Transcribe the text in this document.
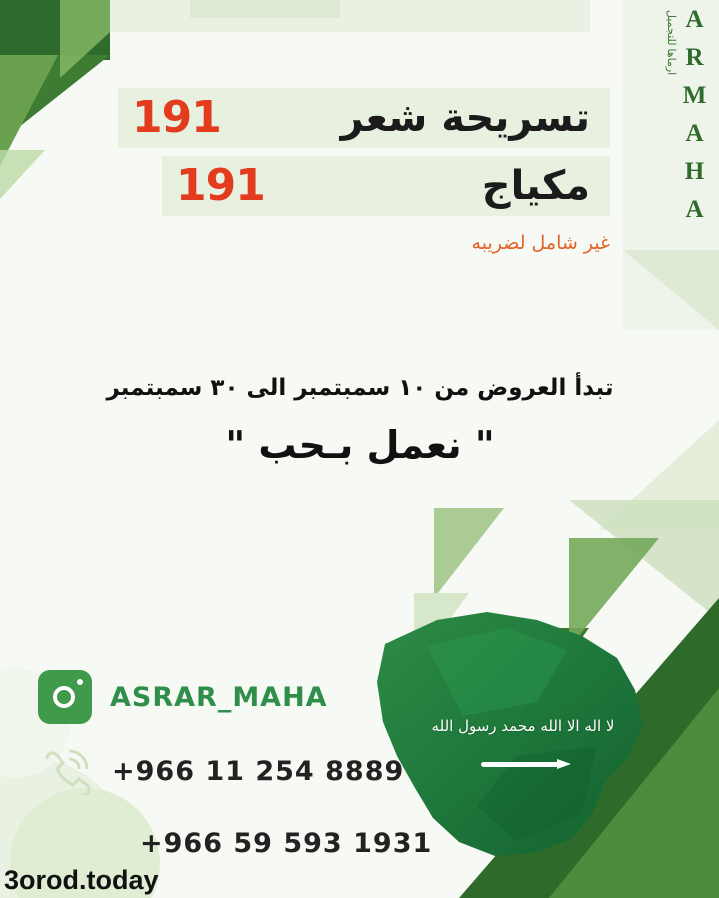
ARMAHA
ارماها للتجميل
191	تسريحة شعر
191	مكياج
غير شامل لضريبه
تبدأ العروض من ١٠ سمبتمبر الى ٣٠ سمبتمبر
" نعمل بـحب "
لا اله الا الله محمد رسول الله
ASRAR_MAHA
+966 11 254 8889
+966 59 593 1931
3orod.today
